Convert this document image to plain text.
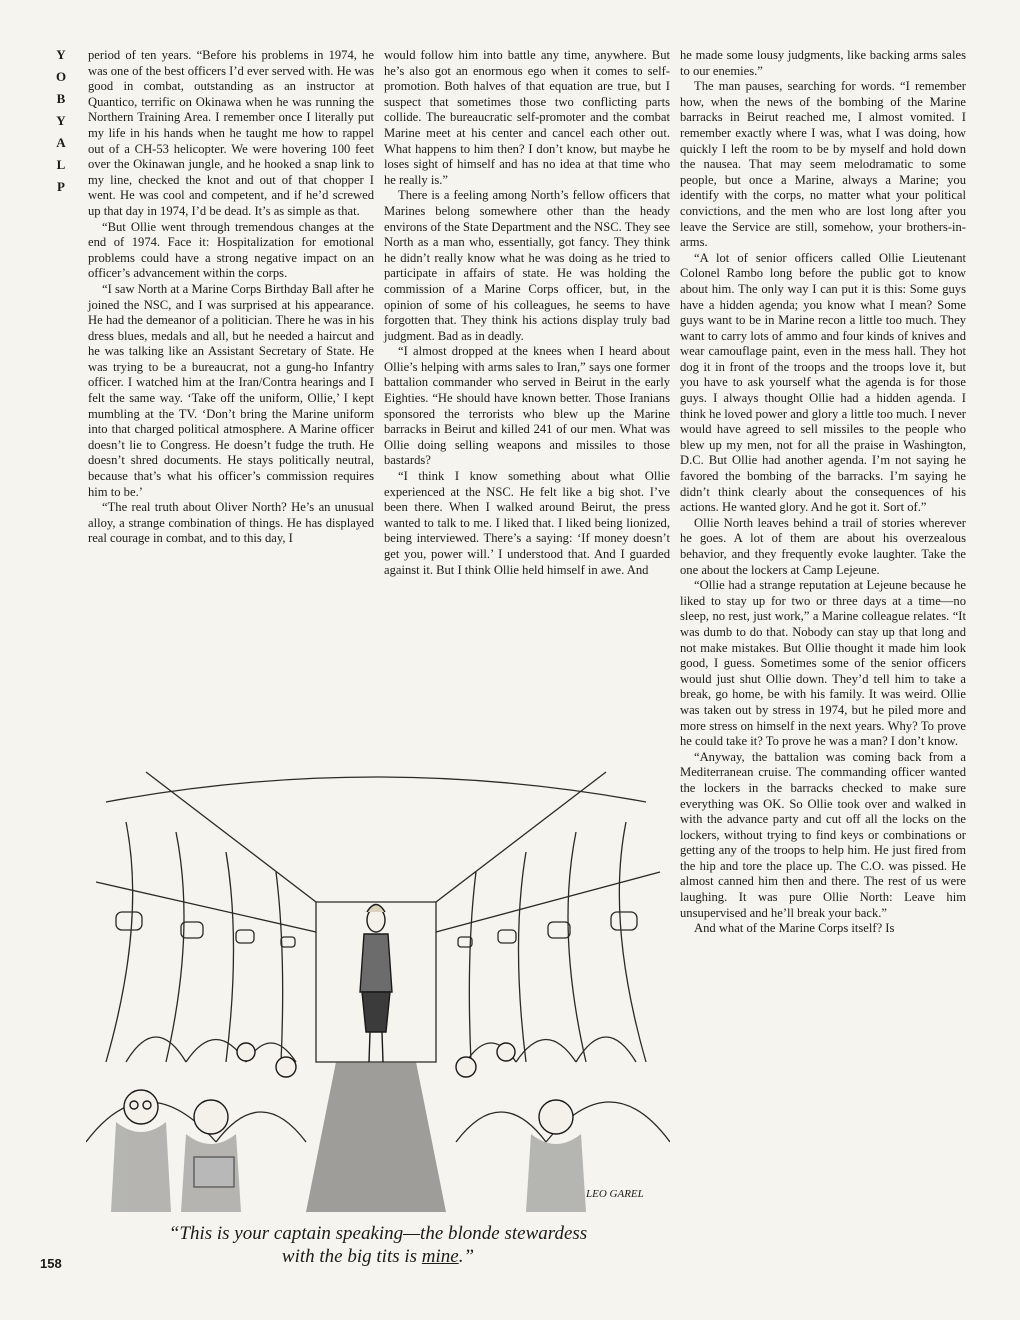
Y
O
B
Y
A
L
P

period of ten years. “Before his problems in 1974, he was one of the best officers I’d ever served with. He was good in combat, outstanding as an instructor at Quantico, terrific on Okinawa when he was running the Northern Training Area. I remember once I literally put my life in his hands when he taught me how to rappel out of a CH-53 helicopter. We were hovering 100 feet over the Okinawan jungle, and he hooked a snap link to my line, checked the knot and out of that chopper I went. He was cool and competent, and if he’d screwed up that day in 1974, I’d be dead. It’s as simple as that.

“But Ollie went through tremendous changes at the end of 1974. Face it: Hospitalization for emotional problems could have a strong negative impact on an officer’s advancement within the corps.

“I saw North at a Marine Corps Birthday Ball after he joined the NSC, and I was surprised at his appearance. He had the demeanor of a politician. There he was in his dress blues, medals and all, but he needed a haircut and he was talking like an Assistant Secretary of State. He was trying to be a bureaucrat, not a gung-ho Infantry officer. I watched him at the Iran/Contra hearings and I felt the same way. ‘Take off the uniform, Ollie,’ I kept mumbling at the TV. ‘Don’t bring the Marine uniform into that charged political atmosphere. A Marine officer doesn’t lie to Congress. He doesn’t fudge the truth. He doesn’t shred documents. He stays politically neutral, because that’s what his officer’s commission requires him to be.’

“The real truth about Oliver North? He’s an unusual alloy, a strange combination of things. He has displayed real courage in combat, and to this day, I

would follow him into battle any time, anywhere. But he’s also got an enormous ego when it comes to self-promotion. Both halves of that equation are true, but I suspect that sometimes those two conflicting parts collide. The bureaucratic self-promoter and the combat Marine meet at his center and cancel each other out. What happens to him then? I don’t know, but maybe he loses sight of himself and has no idea at that time who he really is.”

There is a feeling among North’s fellow officers that Marines belong somewhere other than the heady environs of the State Department and the NSC. They see North as a man who, essentially, got fancy. They think he didn’t really know what he was doing as he tried to participate in affairs of state. He was holding the commission of a Marine Corps officer, but, in the opinion of some of his colleagues, he seems to have forgotten that. They think his actions display truly bad judgment. Bad as in deadly.

“I almost dropped at the knees when I heard about Ollie’s helping with arms sales to Iran,” says one former battalion commander who served in Beirut in the early Eighties. “He should have known better. Those Iranians sponsored the terrorists who blew up the Marine barracks in Beirut and killed 241 of our men. What was Ollie doing selling weapons and missiles to those bastards?

“I think I know something about what Ollie experienced at the NSC. He felt like a big shot. I’ve been there. When I walked around Beirut, the press wanted to talk to me. I liked that. I liked being lionized, being interviewed. There’s a saying: ‘If money doesn’t get you, power will.’ I understood that. And I guarded against it. But I think Ollie held himself in awe. And

he made some lousy judgments, like backing arms sales to our enemies.”

The man pauses, searching for words. “I remember how, when the news of the bombing of the Marine barracks in Beirut reached me, I almost vomited. I remember exactly where I was, what I was doing, how quickly I left the room to be by myself and hold down the nausea. That may seem melodramatic to some people, but once a Marine, always a Marine; you identify with the corps, no matter what your political convictions, and the men who are lost long after you leave the Service are still, somehow, your brothers-in-arms.

“A lot of senior officers called Ollie Lieutenant Colonel Rambo long before the public got to know about him. The only way I can put it is this: Some guys have a hidden agenda; you know what I mean? Some guys want to be in Marine recon a little too much. They want to carry lots of ammo and four kinds of knives and wear camouflage paint, even in the mess hall. They hot dog it in front of the troops and the troops love it, but you have to ask yourself what the agenda is for those guys. I always thought Ollie had a hidden agenda. I think he loved power and glory a little too much. I never would have agreed to sell missiles to the people who blew up my men, not for all the praise in Washington, D.C. But Ollie had another agenda. I’m not saying he favored the bombing of the barracks. I’m saying he didn’t think clearly about the consequences of his actions. He wanted glory. And he got it. Sort of.”

Ollie North leaves behind a trail of stories wherever he goes. A lot of them are about his overzealous behavior, and they frequently evoke laughter. Take the one about the lockers at Camp Lejeune.

“Ollie had a strange reputation at Lejeune because he liked to stay up for two or three days at a time—no sleep, no rest, just work,” a Marine colleague relates. “It was dumb to do that. Nobody can stay up that long and not make mistakes. But Ollie thought it made him look good, I guess. Sometimes some of the senior officers would just shut Ollie down. They’d tell him to take a break, go home, be with his family. It was weird. Ollie was taken out by stress in 1974, but he piled more and more stress on himself in the next years. Why? To prove he could take it? To prove he was a man? I don’t know.

“Anyway, the battalion was coming back from a Mediterranean cruise. The commanding officer wanted the lockers in the barracks checked to make sure everything was OK. So Ollie took over and walked in with the advance party and cut off all the locks on the lockers, without trying to find keys or combinations or getting any of the troops to help him. He just fired from the hip and tore the place up. The C.O. was pissed. He almost canned him then and there. The rest of us were laughing. It was pure Ollie North: Leave him unsupervised and he’ll break your back.”

And what of the Marine Corps itself? Is

LEO GAREL
“This is your captain speaking—the blonde stewardess
with the big tits is mine.”
158
